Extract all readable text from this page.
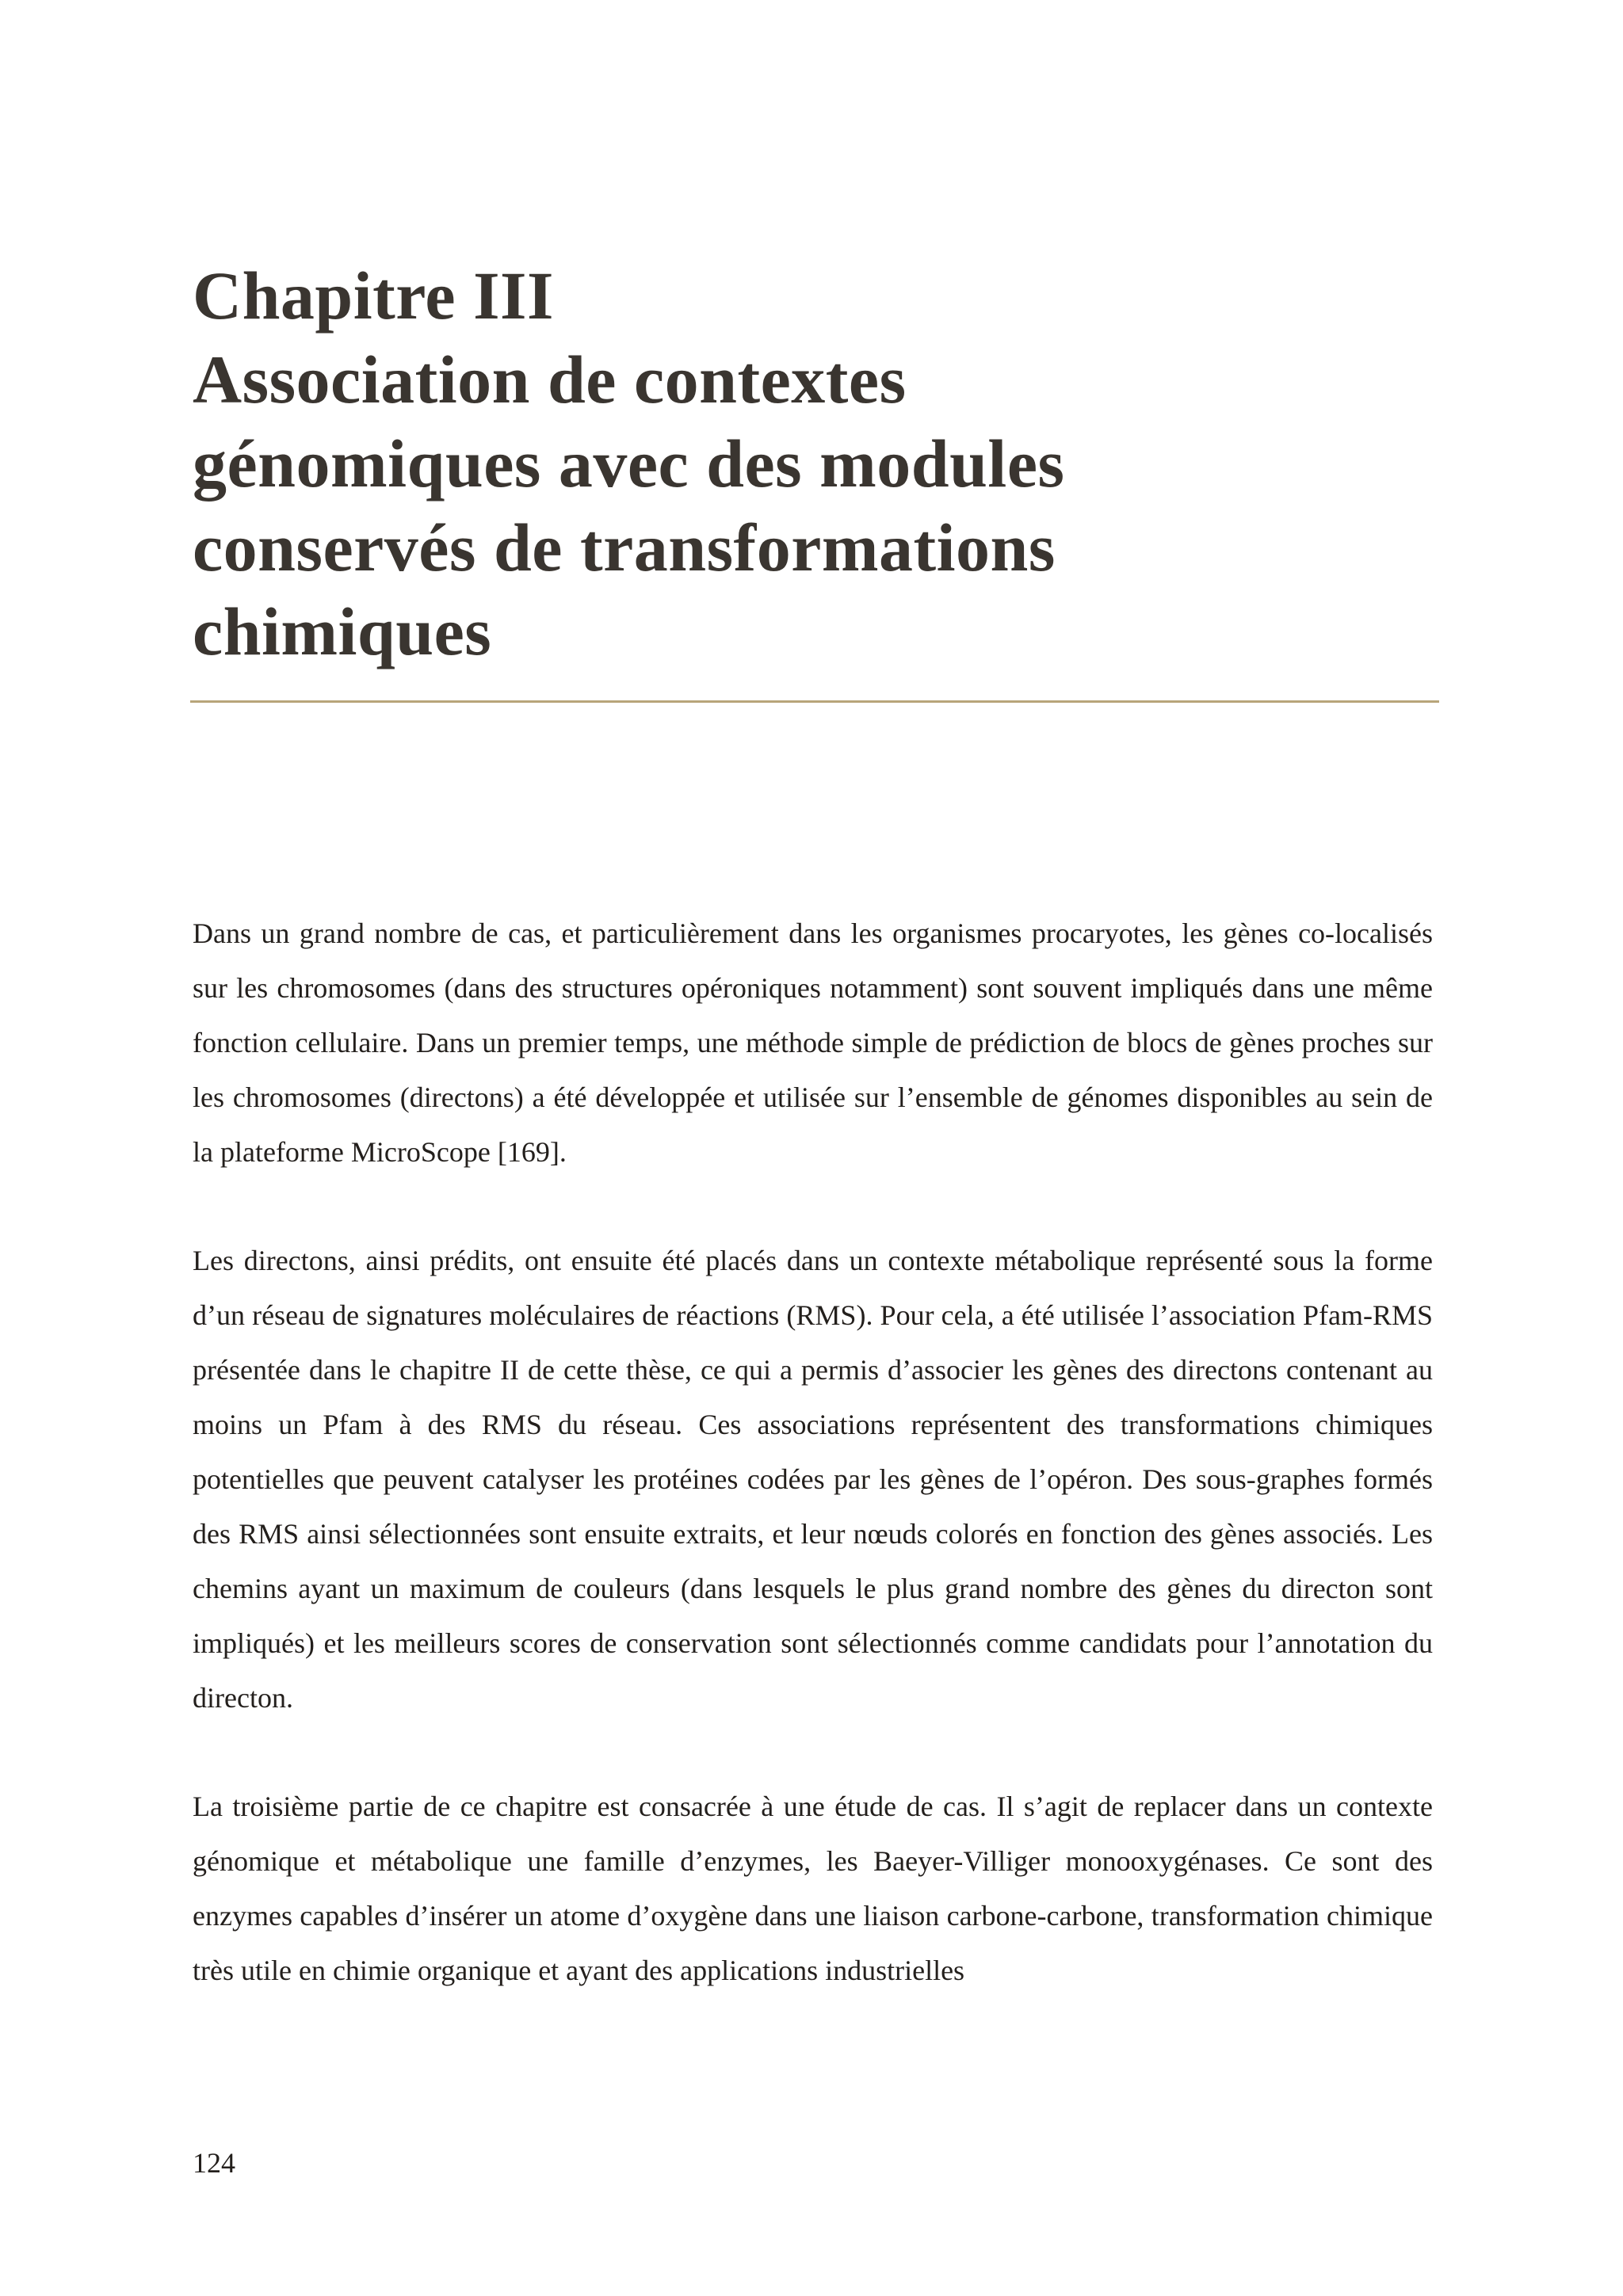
Chapitre III
Association de contextes
génomiques avec des modules
conservés de transformations
chimiques

Dans un grand nombre de cas, et particulièrement dans les organismes procaryotes, les gènes co-localisés sur les chromosomes (dans des structures opéroniques notamment) sont souvent impliqués dans une même fonction cellulaire. Dans un premier temps, une méthode simple de prédiction de blocs de gènes proches sur les chromosomes (directons) a été développée et utilisée sur l’ensemble de génomes disponibles au sein de la plateforme MicroScope [169].

Les directons, ainsi prédits, ont ensuite été placés dans un contexte métabolique représenté sous la forme d’un réseau de signatures moléculaires de réactions (RMS). Pour cela, a été utilisée l’association Pfam-RMS présentée dans le chapitre II de cette thèse, ce qui a permis d’associer les gènes des directons contenant au moins un Pfam à des RMS du réseau. Ces associations représentent des transformations chimiques potentielles que peuvent catalyser les protéines codées par les gènes de l’opéron. Des sous-graphes formés des RMS ainsi sélectionnées sont ensuite extraits, et leur nœuds colorés en fonction des gènes associés. Les chemins ayant un maximum de couleurs (dans lesquels le plus grand nombre des gènes du directon sont impliqués) et les meilleurs scores de conservation sont sélectionnés comme candidats pour l’annotation du directon.

La troisième partie de ce chapitre est consacrée à une étude de cas. Il s’agit de replacer dans un contexte génomique et métabolique une famille d’enzymes, les Baeyer-Villiger monooxygénases. Ce sont des enzymes capables d’insérer un atome d’oxygène dans une liaison carbone-carbone, transformation chimique très utile en chimie organique et ayant des applications industrielles

124
